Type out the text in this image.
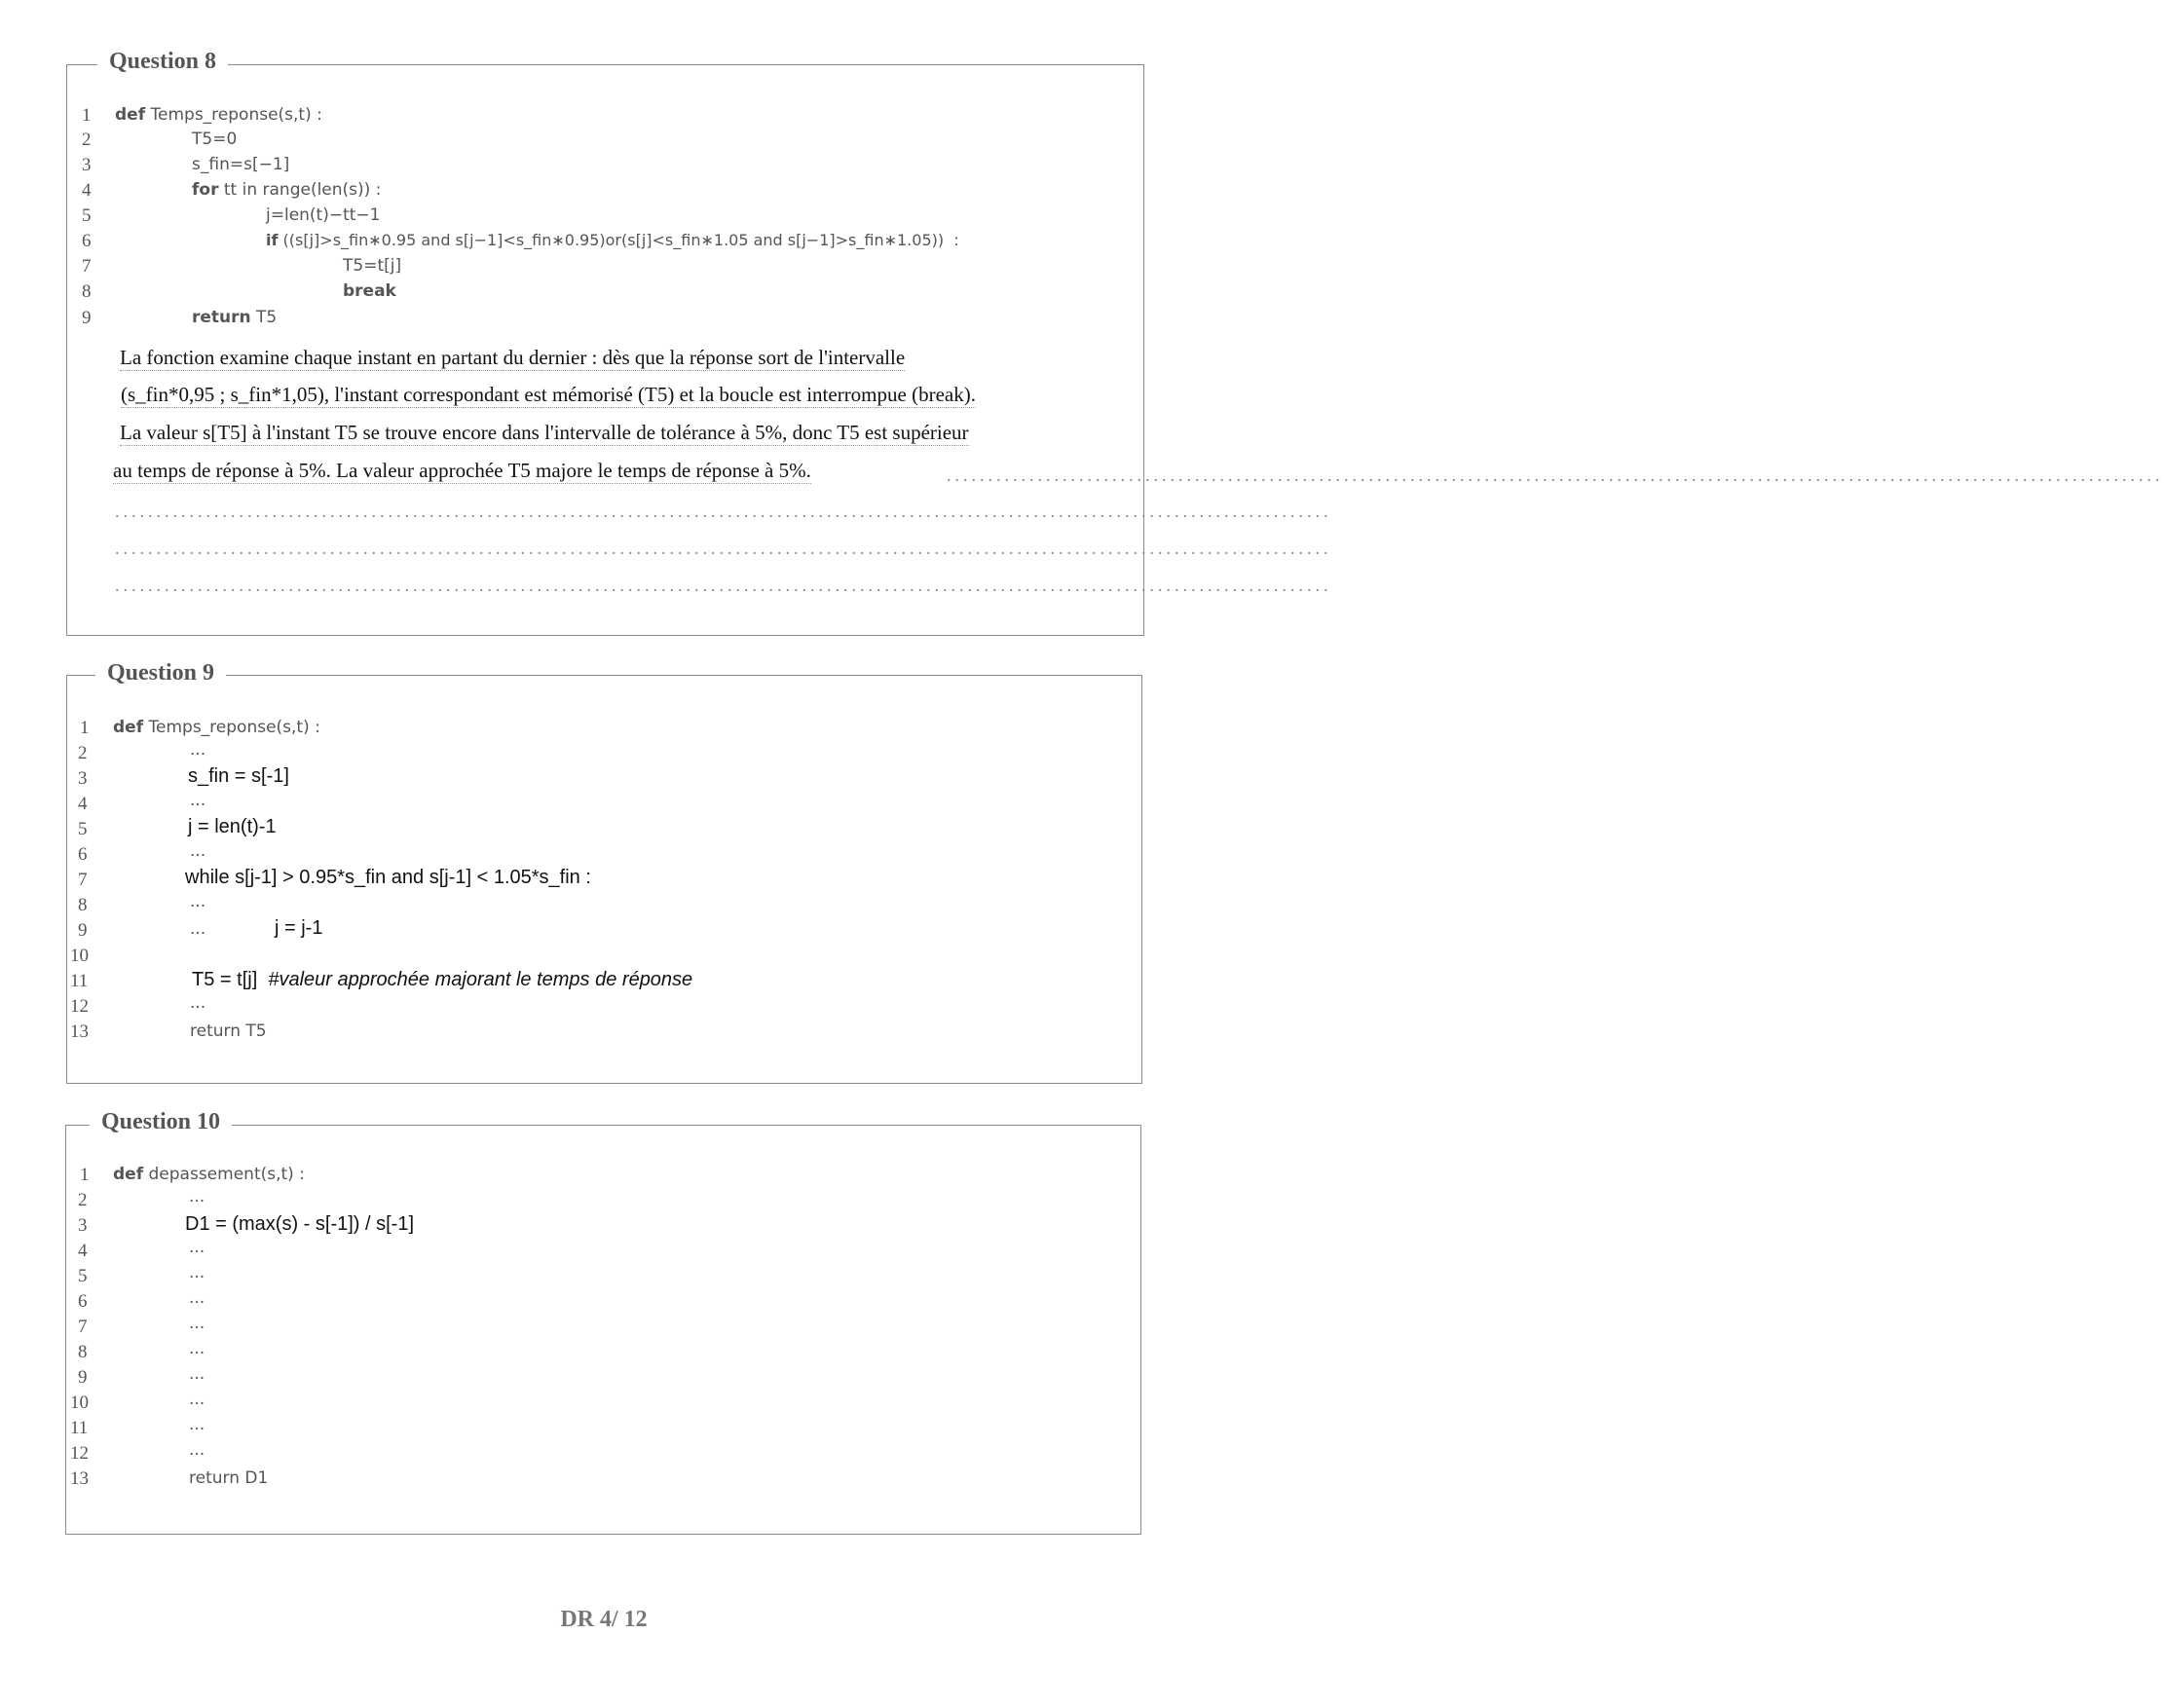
Question 8
1
2
3
4
5
6
7
8
9
def Temps_reponse(s,t) :
T5=0
s_fin=s[−1]
for tt in range(len(s)) :
j=len(t)−tt−1
if ((s[j]>s_fin∗0.95 and s[j−1]<s_fin∗0.95)or(s[j]<s_fin∗1.05 and s[j−1]>s_fin∗1.05))  :
T5=t[j]
break
return T5
La fonction examine chaque instant en partant du dernier : dès que la réponse sort de l'intervalle
(s_fin*0,95 ; s_fin*1,05), l'instant correspondant est mémorisé (T5) et la boucle est interrompue (break).
La valeur s[T5] à l'instant T5 se trouve encore dans l'intervalle de tolérance à 5%, donc T5 est supérieur
au temps de réponse à 5%. La valeur approchée T5 majore le temps de réponse à 5%.	...................................................................................................................................................
...................................................................................................................................................
...................................................................................................................................................
...................................................................................................................................................
Question 9
1
2
3
4
5
6
7
8
9
10
11
12
13
def Temps_reponse(s,t) :
...
...
...
...
...
...
s_fin = s[-1]
j = len(t)-1
while s[j-1] > 0.95*s_fin and s[j-1] < 1.05*s_fin :
j = j-1
T5 = t[j]  #valeur approchée majorant le temps de réponse
return T5
Question 10
1
2
3
4
5
6
7
8
9
10
11
12
13
def depassement(s,t) :
...
D1 = (max(s) - s[-1]) / s[-1]
...
...
...
...
...
...
...
...
...
return D1
DR 4/ 12
